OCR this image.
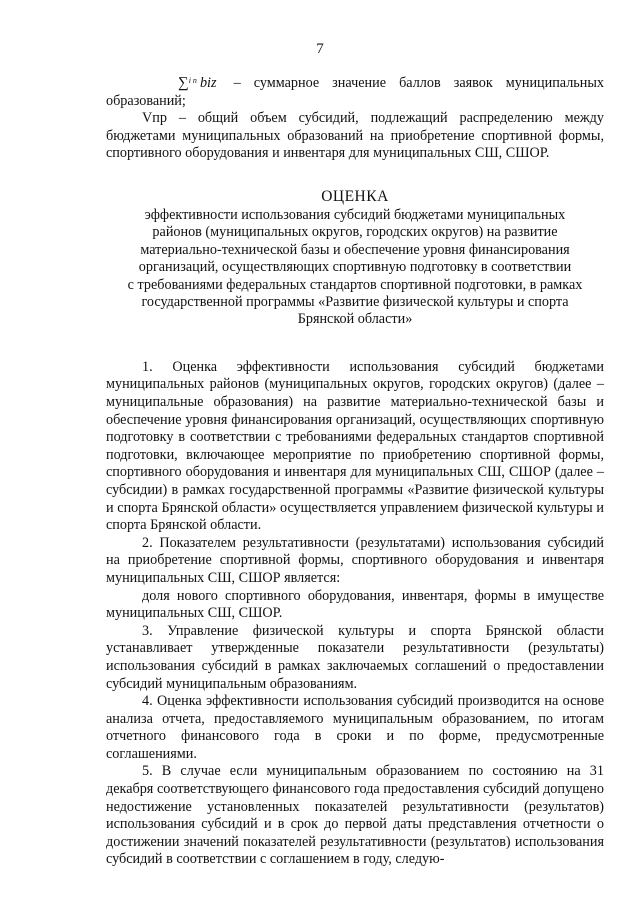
7

∑$^{i n}$ biz – суммарное значение баллов заявок муниципальных образований;

Vпр – общий объем субсидий, подлежащий распределению между бюджетами муниципальных образований на приобретение спортивной формы, спортивного оборудования и инвентаря для муниципальных СШ, СШОР.

ОЦЕНКА

эффективности использования субсидий бюджетами муниципальных

районов (муниципальных округов, городских округов) на развитие

материально-технической базы и обеспечение уровня финансирования

организаций, осуществляющих спортивную подготовку в соответствии

с требованиями федеральных стандартов спортивной подготовки, в рамках

государственной программы «Развитие физической культуры и спорта

Брянской области»

1. Оценка эффективности использования субсидий бюджетами муниципальных районов (муниципальных округов, городских округов) (далее – муниципальные образования) на развитие материально-технической базы и обеспечение уровня финансирования организаций, осуществляющих спортивную подготовку в соответствии с требованиями федеральных стандартов спортивной подготовки, включающее мероприятие по приобретению спортивной формы, спортивного оборудования и инвентаря для муниципальных СШ, СШОР (далее – субсидии) в рамках государственной программы «Развитие физической культуры и спорта Брянской области» осуществляется управлением физической культуры и спорта Брянской области.

2. Показателем результативности (результатами) использования субсидий на приобретение спортивной формы, спортивного оборудования и инвентаря муниципальных СШ, СШОР является:

доля нового спортивного оборудования, инвентаря, формы в имуществе муниципальных СШ, СШОР.

3. Управление физической культуры и спорта Брянской области устанавливает утвержденные показатели результативности (результаты) использования субсидий в рамках заключаемых соглашений о предоставлении субсидий муниципальным образованиям.

4. Оценка эффективности использования субсидий производится на основе анализа отчета, предоставляемого муниципальным образованием, по итогам отчетного финансового года в сроки и по форме, предусмотренные соглашениями.

5. В случае если муниципальным образованием по состоянию на 31 декабря соответствующего финансового года предоставления субсидий допущено недостижение установленных показателей результативности (результатов) использования субсидий и в срок до первой даты представления отчетности о достижении значений показателей результативности (результатов) использования субсидий в соответствии с соглашением в году, следую-
